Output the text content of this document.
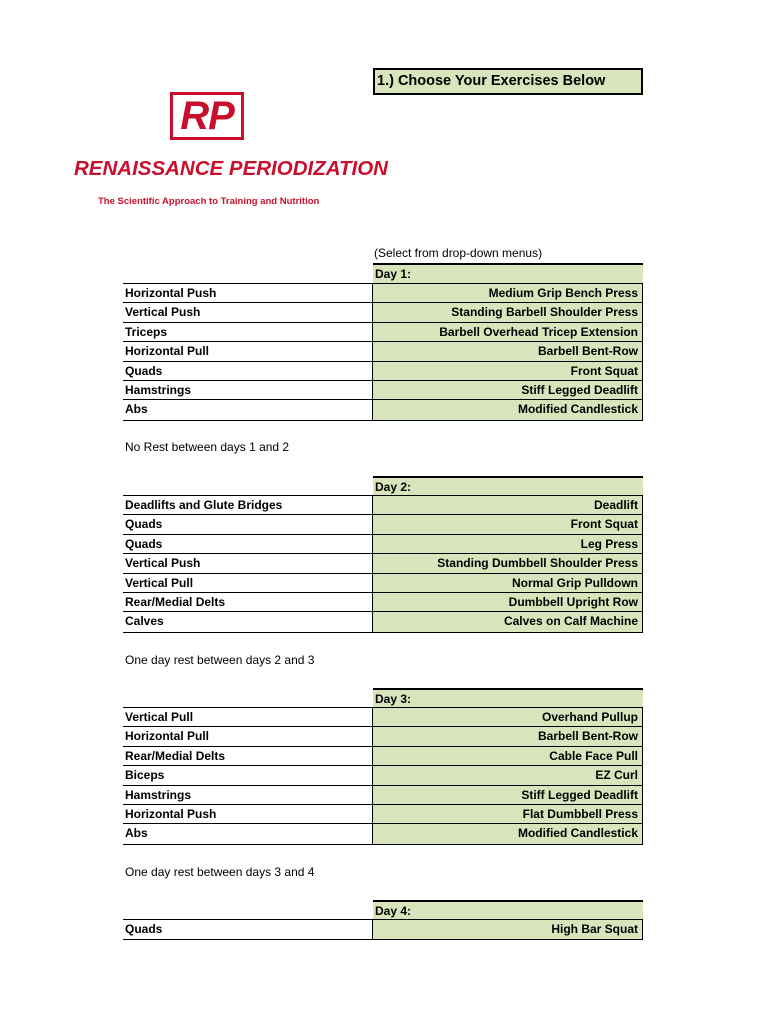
RP
RENAISSANCE PERIODIZATION
The Scientific Approach to Training and Nutrition
1.) Choose Your Exercises Below
(Select from drop-down menus)
Day 1:
Horizontal Push	Medium Grip Bench Press
Vertical Push	Standing Barbell Shoulder Press
Triceps	Barbell Overhead Tricep Extension
Horizontal Pull	Barbell Bent-Row
Quads	Front Squat
Hamstrings	Stiff Legged Deadlift
Abs	Modified Candlestick
No Rest between days 1 and 2
Day 2:
Deadlifts and Glute Bridges	Deadlift
Quads	Front Squat
Quads	Leg Press
Vertical Push	Standing Dumbbell Shoulder Press
Vertical Pull	Normal Grip Pulldown
Rear/Medial Delts	Dumbbell Upright Row
Calves	Calves on Calf Machine
One day rest between days 2 and 3
Day 3:
Vertical Pull	Overhand Pullup
Horizontal Pull	Barbell Bent-Row
Rear/Medial Delts	Cable Face Pull
Biceps	EZ Curl
Hamstrings	Stiff Legged Deadlift
Horizontal Push	Flat Dumbbell Press
Abs	Modified Candlestick
One day rest between days 3 and 4
Day 4:
Quads	High Bar Squat
